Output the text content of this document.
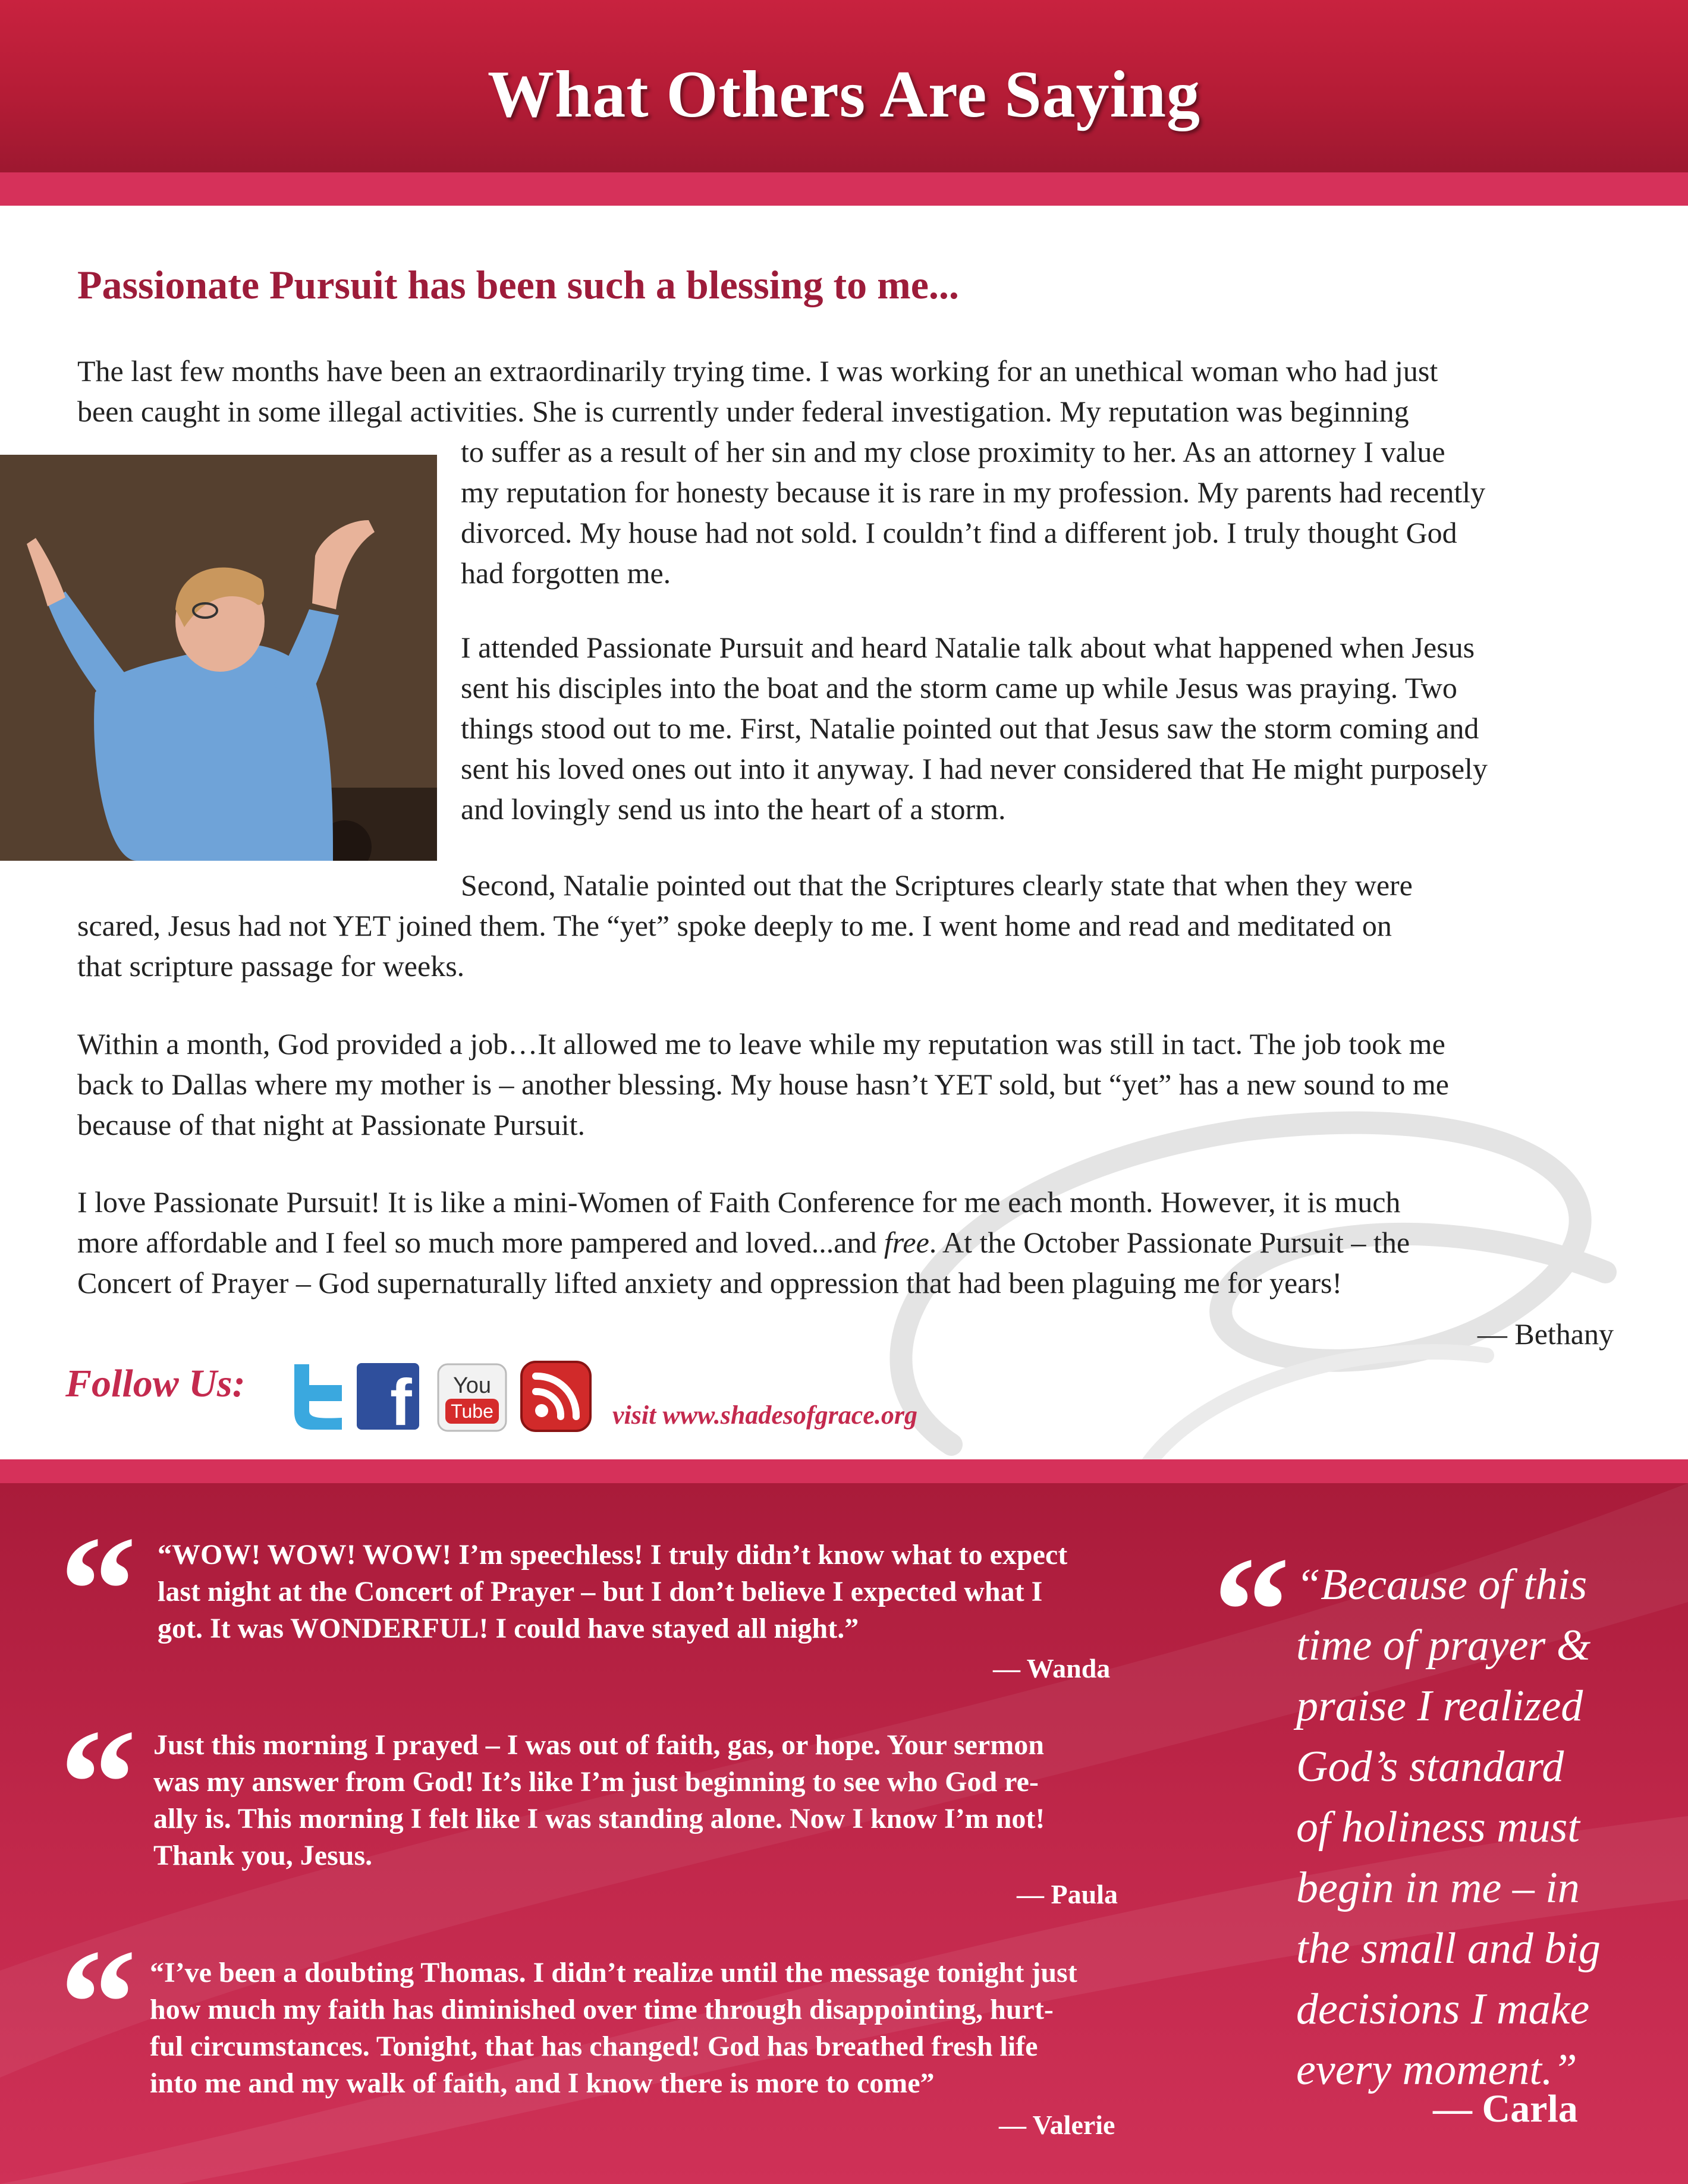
What Others Are Saying
Passionate Pursuit has been such a blessing to me...
The last few months have been an extraordinarily trying time. I was working for an unethical woman who had just
been caught in some illegal activities. She is currently under federal investigation. My reputation was beginning
to suffer as a result of her sin and my close proximity to her. As an attorney I value
my reputation for honesty because it is rare in my profession. My parents had recently
divorced. My house had not sold. I couldn’t find a different job. I truly thought God
had forgotten me.
I attended Passionate Pursuit and heard Natalie talk about what happened when Jesus
sent his disciples into the boat and the storm came up while Jesus was praying. Two
things stood out to me. First, Natalie pointed out that Jesus saw the storm coming and
sent his loved ones out into it anyway. I had never considered that He might purposely
and lovingly send us into the heart of a storm.
Second, Natalie pointed out that the Scriptures clearly state that when they were
scared, Jesus had not YET joined them. The “yet” spoke deeply to me. I went home and read and meditated on
that scripture passage for weeks.
Within a month, God provided a job…It allowed me to leave while my reputation was still in tact. The job took me
back to Dallas where my mother is – another blessing. My house hasn’t YET sold, but “yet” has a new sound to me
because of that night at Passionate Pursuit.
I love Passionate Pursuit! It is like a mini-Women of Faith Conference for me each month. However, it is much
more affordable and I feel so much more pampered and loved...and free. At the October Passionate Pursuit – the
Concert of Prayer – God supernaturally lifted anxiety and oppression that had been plaguing me for years!
— Bethany
Follow Us: f You
Tube	visit www.shadesofgrace.org
“ “WOW! WOW! WOW! I’m speechless! I truly didn’t know what to expect
last night at the Concert of Prayer – but I don’t believe I expected what I
got. It was WONDERFUL! I could have stayed all night.”
— Wanda
“ Just this morning I prayed – I was out of faith, gas, or hope. Your sermon
was my answer from God! It’s like I’m just beginning to see who God re-
ally is. This morning I felt like I was standing alone. Now I know I’m not!
Thank you, Jesus.
— Paula
“ “I’ve been a doubting Thomas. I didn’t realize until the message tonight just
how much my faith has diminished over time through disappointing, hurt-
ful circumstances. Tonight, that has changed! God has breathed fresh life
into me and my walk of faith, and I know there is more to come”
— Valerie
“ “Because of this
time of prayer &
praise I realized
God’s standard
of holiness must
begin in me – in
the small and big
decisions I make
every moment.”
— Carla
